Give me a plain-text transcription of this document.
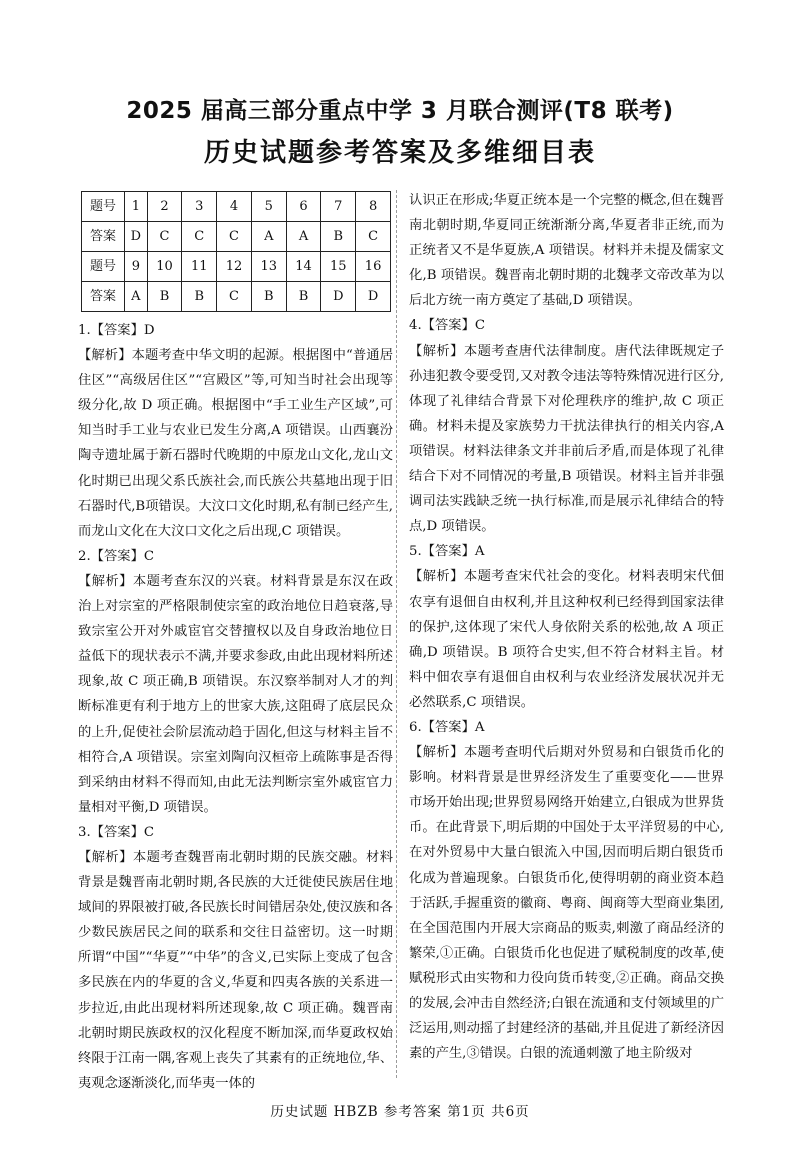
2025 届高三部分重点中学 3 月联合测评(T8 联考)
历史试题参考答案及多维细目表
题号	1	2	3	4	5	6	7	8
答案	D	C	C	C	A	A	B	C
题号	9	10	11	12	13	14	15	16
答案	A	B	B	C	B	B	D	D
1.【答案】D
【解析】本题考查中华文明的起源。根据图中“普通居住区”“高级居住区”“宫殿区”等,可知当时社会出现等级分化,故 D 项正确。根据图中“手工业生产区域”,可知当时手工业与农业已发生分离,A 项错误。山西襄汾陶寺遗址属于新石器时代晚期的中原龙山文化,龙山文化时期已出现父系氏族社会,而氏族公共墓地出现于旧石器时代,B项错误。大汶口文化时期,私有制已经产生,而龙山文化在大汶口文化之后出现,C 项错误。
2.【答案】C
【解析】本题考查东汉的兴衰。材料背景是东汉在政治上对宗室的严格限制使宗室的政治地位日趋衰落,导致宗室公开对外戚宦官交替擅权以及自身政治地位日益低下的现状表示不满,并要求参政,由此出现材料所述现象,故 C 项正确,B 项错误。东汉察举制对人才的判断标准更有利于地方上的世家大族,这阻碍了底层民众的上升,促使社会阶层流动趋于固化,但这与材料主旨不相符合,A 项错误。宗室刘陶向汉桓帝上疏陈事是否得到采纳由材料不得而知,由此无法判断宗室外戚宦官力量相对平衡,D 项错误。
3.【答案】C
【解析】本题考查魏晋南北朝时期的民族交融。材料背景是魏晋南北朝时期,各民族的大迁徙使民族居住地域间的界限被打破,各民族长时间错居杂处,使汉族和各少数民族居民之间的联系和交往日益密切。这一时期所谓“中国”“华夏”“中华”的含义,已实际上变成了包含多民族在内的华夏的含义,华夏和四夷各族的关系进一步拉近,由此出现材料所述现象,故 C 项正确。魏晋南北朝时期民族政权的汉化程度不断加深,而华夏政权始终限于江南一隅,客观上丧失了其素有的正统地位,华、夷观念逐渐淡化,而华夷一体的
认识正在形成;华夏正统本是一个完整的概念,但在魏晋南北朝时期,华夏同正统渐渐分离,华夏者非正统,而为正统者又不是华夏族,A 项错误。材料并未提及儒家文化,B 项错误。魏晋南北朝时期的北魏孝文帝改革为以后北方统一南方奠定了基础,D 项错误。
4.【答案】C
【解析】本题考查唐代法律制度。唐代法律既规定子孙违犯教令要受罚,又对教令违法等特殊情况进行区分,体现了礼律结合背景下对伦理秩序的维护,故 C 项正确。材料未提及家族势力干扰法律执行的相关内容,A 项错误。材料法律条文并非前后矛盾,而是体现了礼律结合下对不同情况的考量,B 项错误。材料主旨并非强调司法实践缺乏统一执行标准,而是展示礼律结合的特点,D 项错误。
5.【答案】A
【解析】本题考查宋代社会的变化。材料表明宋代佃农享有退佃自由权利,并且这种权利已经得到国家法律的保护,这体现了宋代人身依附关系的松弛,故 A 项正确,D 项错误。B 项符合史实,但不符合材料主旨。材料中佃农享有退佃自由权利与农业经济发展状况并无必然联系,C 项错误。
6.【答案】A
【解析】本题考查明代后期对外贸易和白银货币化的影响。材料背景是世界经济发生了重要变化——世界市场开始出现;世界贸易网络开始建立,白银成为世界货币。在此背景下,明后期的中国处于太平洋贸易的中心,在对外贸易中大量白银流入中国,因而明后期白银货币化成为普遍现象。白银货币化,使得明朝的商业资本趋于活跃,手握重资的徽商、粤商、闽商等大型商业集团,在全国范围内开展大宗商品的贩卖,刺激了商品经济的繁荣,①正确。白银货币化也促进了赋税制度的改革,使赋税形式由实物和力役向货币转变,②正确。商品交换的发展,会冲击自然经济;白银在流通和支付领域里的广泛运用,则动摇了封建经济的基础,并且促进了新经济因素的产生,③错误。白银的流通刺激了地主阶级对
历史试题 HBZB 参考答案 第1页 共6页
